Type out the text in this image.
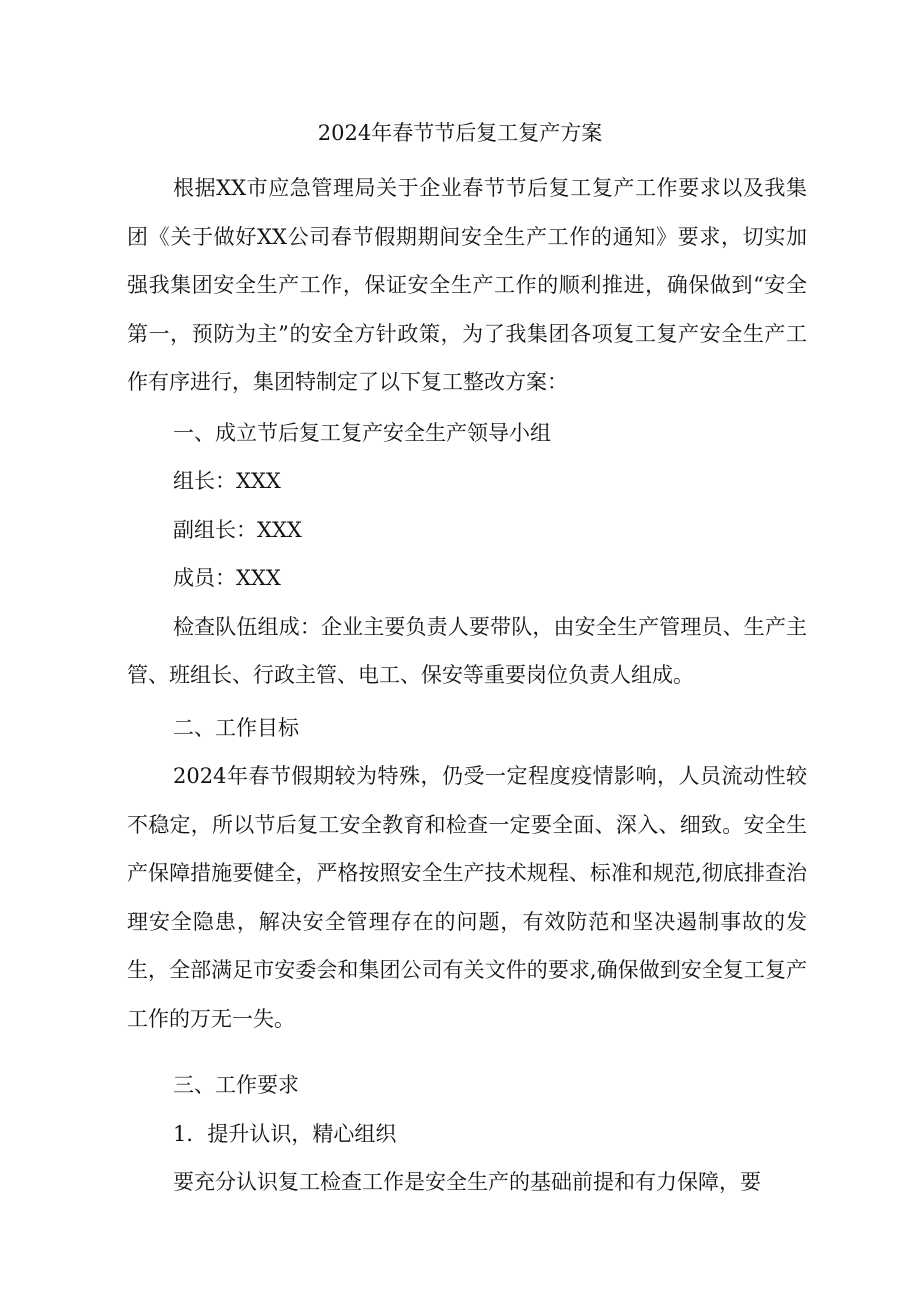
2024年春节节后复工复产方案

根据XX市应急管理局关于企业春节节后复工复产工作要求以及我集团《关于做好XX公司春节假期期间安全生产工作的通知》要求，切实加强我集团安全生产工作，保证安全生产工作的顺利推进，确保做到“安全第一，预防为主”的安全方针政策，为了我集团各项复工复产安全生产工作有序进行，集团特制定了以下复工整改方案：

一、成立节后复工复产安全生产领导小组

组长：XXX

副组长：XXX

成员：XXX

检查队伍组成：企业主要负责人要带队，由安全生产管理员、生产主管、班组长、行政主管、电工、保安等重要岗位负责人组成。

二、工作目标

2024年春节假期较为特殊，仍受一定程度疫情影响，人员流动性较不稳定，所以节后复工安全教育和检查一定要全面、深入、细致。安全生产保障措施要健全，严格按照安全生产技术规程、标准和规范,彻底排查治理安全隐患，解决安全管理存在的问题，有效防范和坚决遏制事故的发生，全部满足市安委会和集团公司有关文件的要求,确保做到安全复工复产工作的万无一失。

三、工作要求

1．提升认识，精心组织

要充分认识复工检查工作是安全生产的基础前提和有力保障，要
